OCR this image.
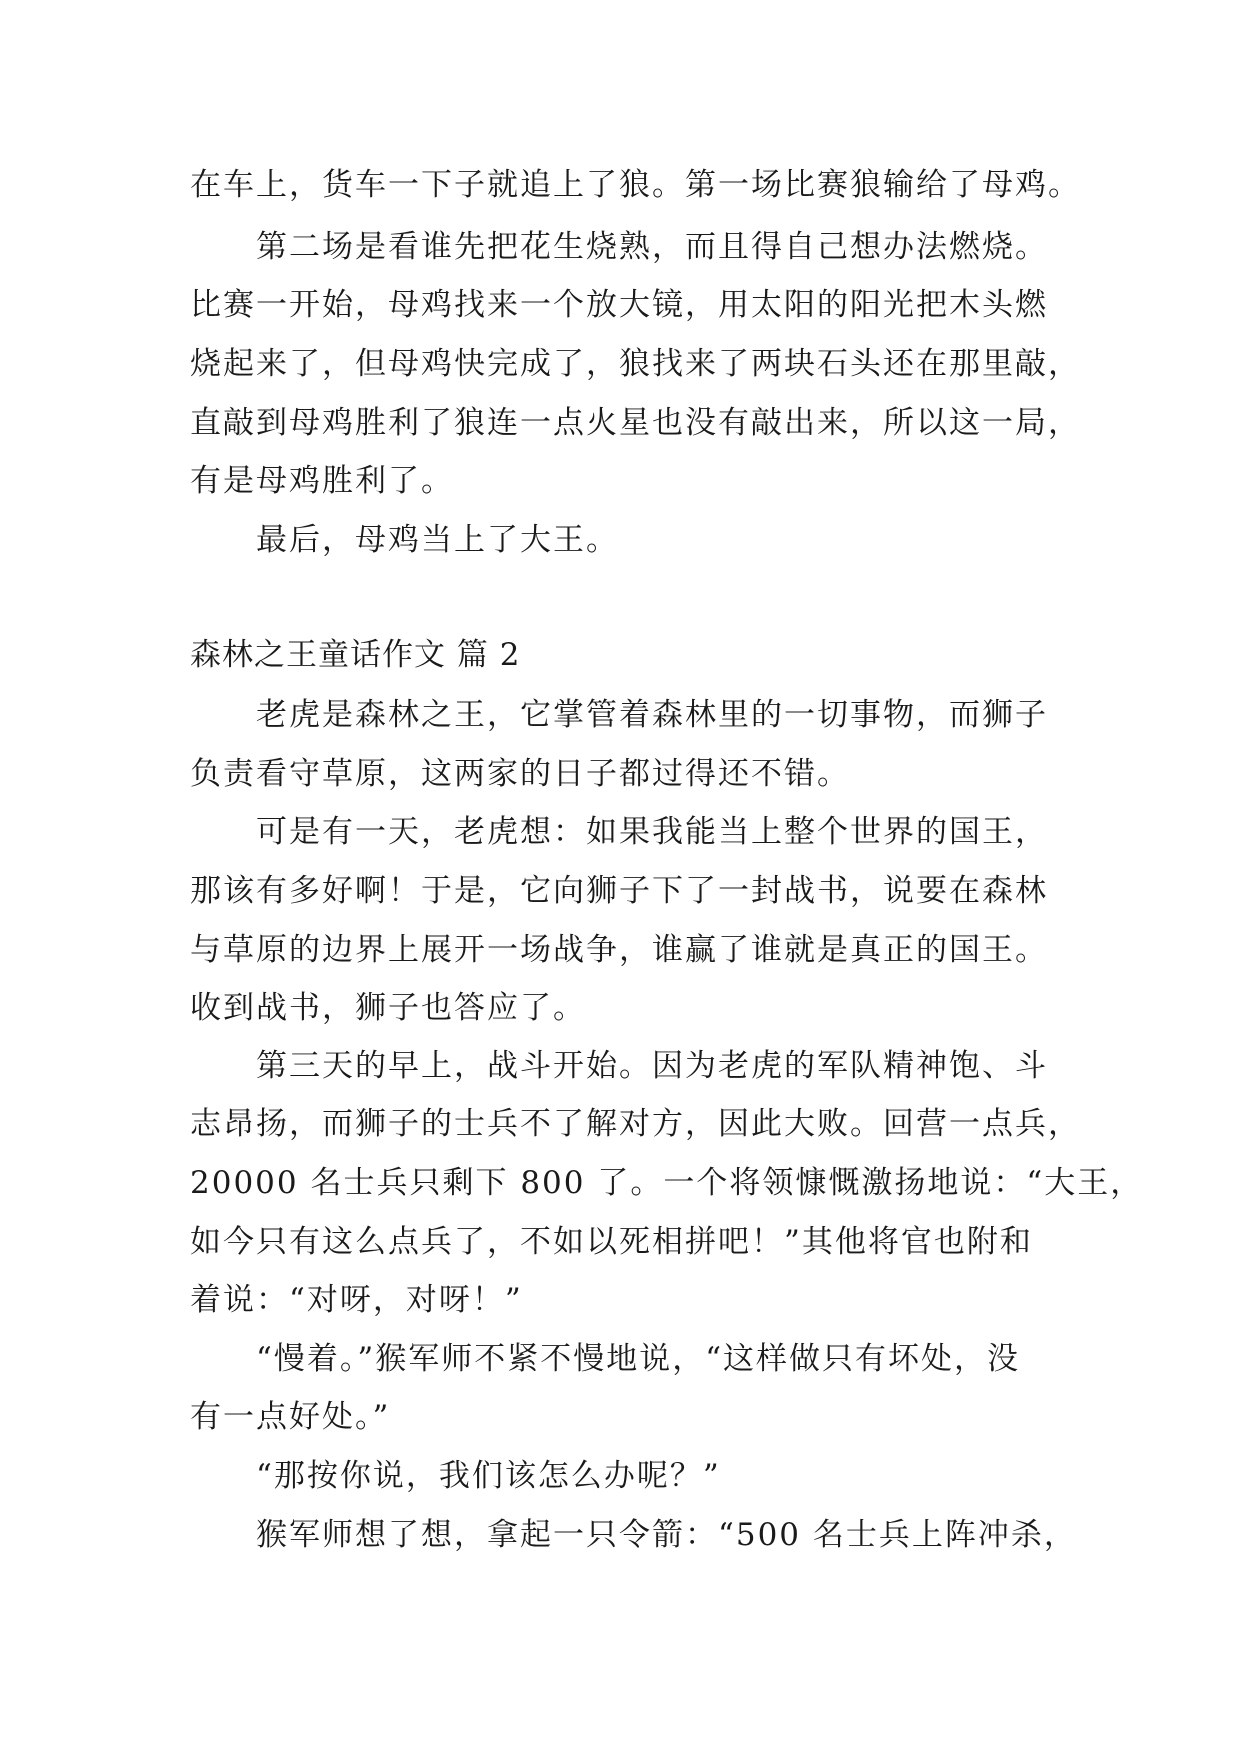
在车上，货车一下子就追上了狼。第一场比赛狼输给了母鸡。
第二场是看谁先把花生烧熟，而且得自己想办法燃烧。
比赛一开始，母鸡找来一个放大镜，用太阳的阳光把木头燃
烧起来了，但母鸡快完成了，狼找来了两块石头还在那里敲，
直敲到母鸡胜利了狼连一点火星也没有敲出来，所以这一局，
有是母鸡胜利了。
最后，母鸡当上了大王。
森林之王童话作文 篇 2
老虎是森林之王，它掌管着森林里的一切事物，而狮子
负责看守草原，这两家的日子都过得还不错。
可是有一天，老虎想：如果我能当上整个世界的国王，
那该有多好啊！于是，它向狮子下了一封战书，说要在森林
与草原的边界上展开一场战争，谁赢了谁就是真正的国王。
收到战书，狮子也答应了。
第三天的早上，战斗开始。因为老虎的军队精神饱、斗
志昂扬，而狮子的士兵不了解对方，因此大败。回营一点兵，
20000 名士兵只剩下 800 了。一个将领慷慨激扬地说：“大王，
如今只有这么点兵了，不如以死相拼吧！”其他将官也附和
着说：“对呀，对呀！”
“慢着。”猴军师不紧不慢地说，“这样做只有坏处，没
有一点好处。”
“那按你说，我们该怎么办呢？”
猴军师想了想，拿起一只令箭：“500 名士兵上阵冲杀，
